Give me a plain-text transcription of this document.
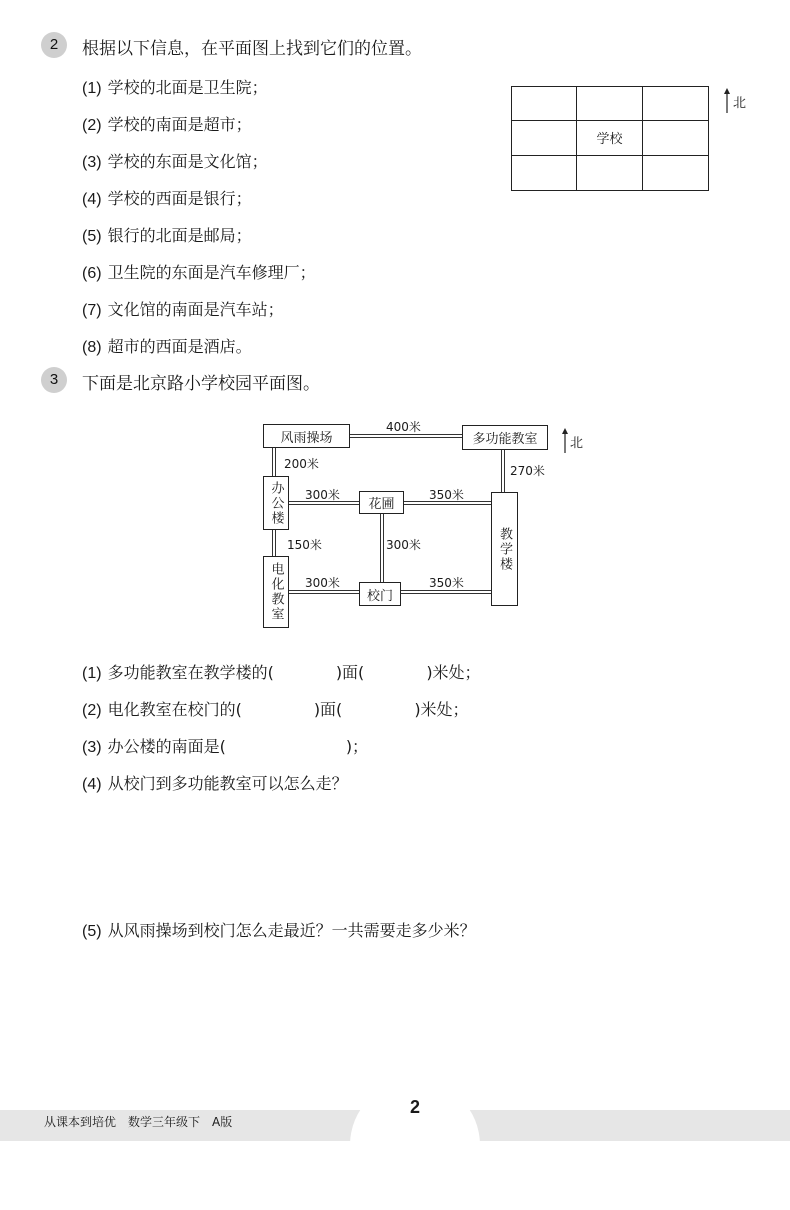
2	根据以下信息，在平面图上找到它们的位置。
(1) 学校的北面是卫生院；
(2) 学校的南面是超市；
(3) 学校的东面是文化馆；
(4) 学校的西面是银行；
(5) 银行的北面是邮局；
(6) 卫生院的东面是汽车修理厂；
(7) 文化馆的南面是汽车站；
(8) 超市的西面是酒店。
学校
北
3	下面是北京路小学校园平面图。
风雨操场	多功能教室
办公楼	花圃
教学楼
电化教室	校门
400米
200米	270米
300米	350米
150米	300米
300米	350米
北
(1) 多功能教室在教学楼的(	)面(	)米处；
(2) 电化教室在校门的(	)面(	)米处；
(3) 办公楼的南面是(	)；
(4) 从校门到多功能教室可以怎么走？
(5) 从风雨操场到校门怎么走最近？一共需要走多少米？
从课本到培优　数学三年级下　A版
2
